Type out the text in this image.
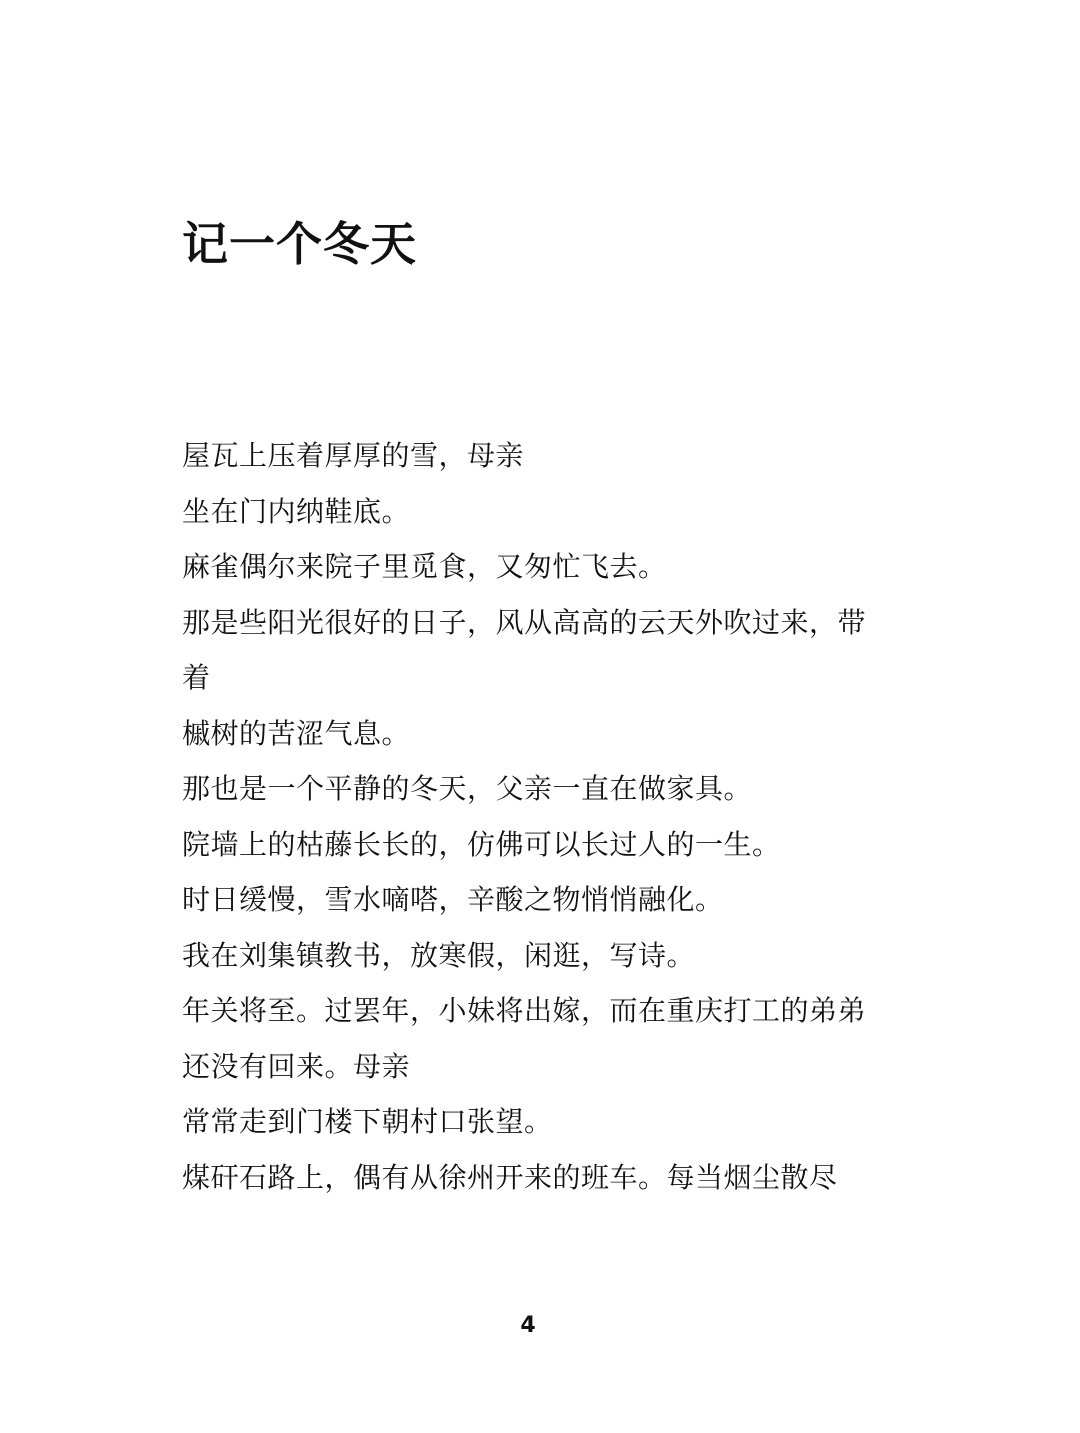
记一个冬天
屋瓦上压着厚厚的雪，母亲
坐在门内纳鞋底。
麻雀偶尔来院子里觅食，又匆忙飞去。
那是些阳光很好的日子，风从高高的云天外吹过来，带
着
槭树的苦涩气息。
那也是一个平静的冬天，父亲一直在做家具。
院墙上的枯藤长长的，仿佛可以长过人的一生。
时日缓慢，雪水嘀嗒，辛酸之物悄悄融化。
我在刘集镇教书，放寒假，闲逛，写诗。
年关将至。过罢年，小妹将出嫁，而在重庆打工的弟弟
还没有回来。母亲
常常走到门楼下朝村口张望。
煤矸石路上，偶有从徐州开来的班车。每当烟尘散尽
4
